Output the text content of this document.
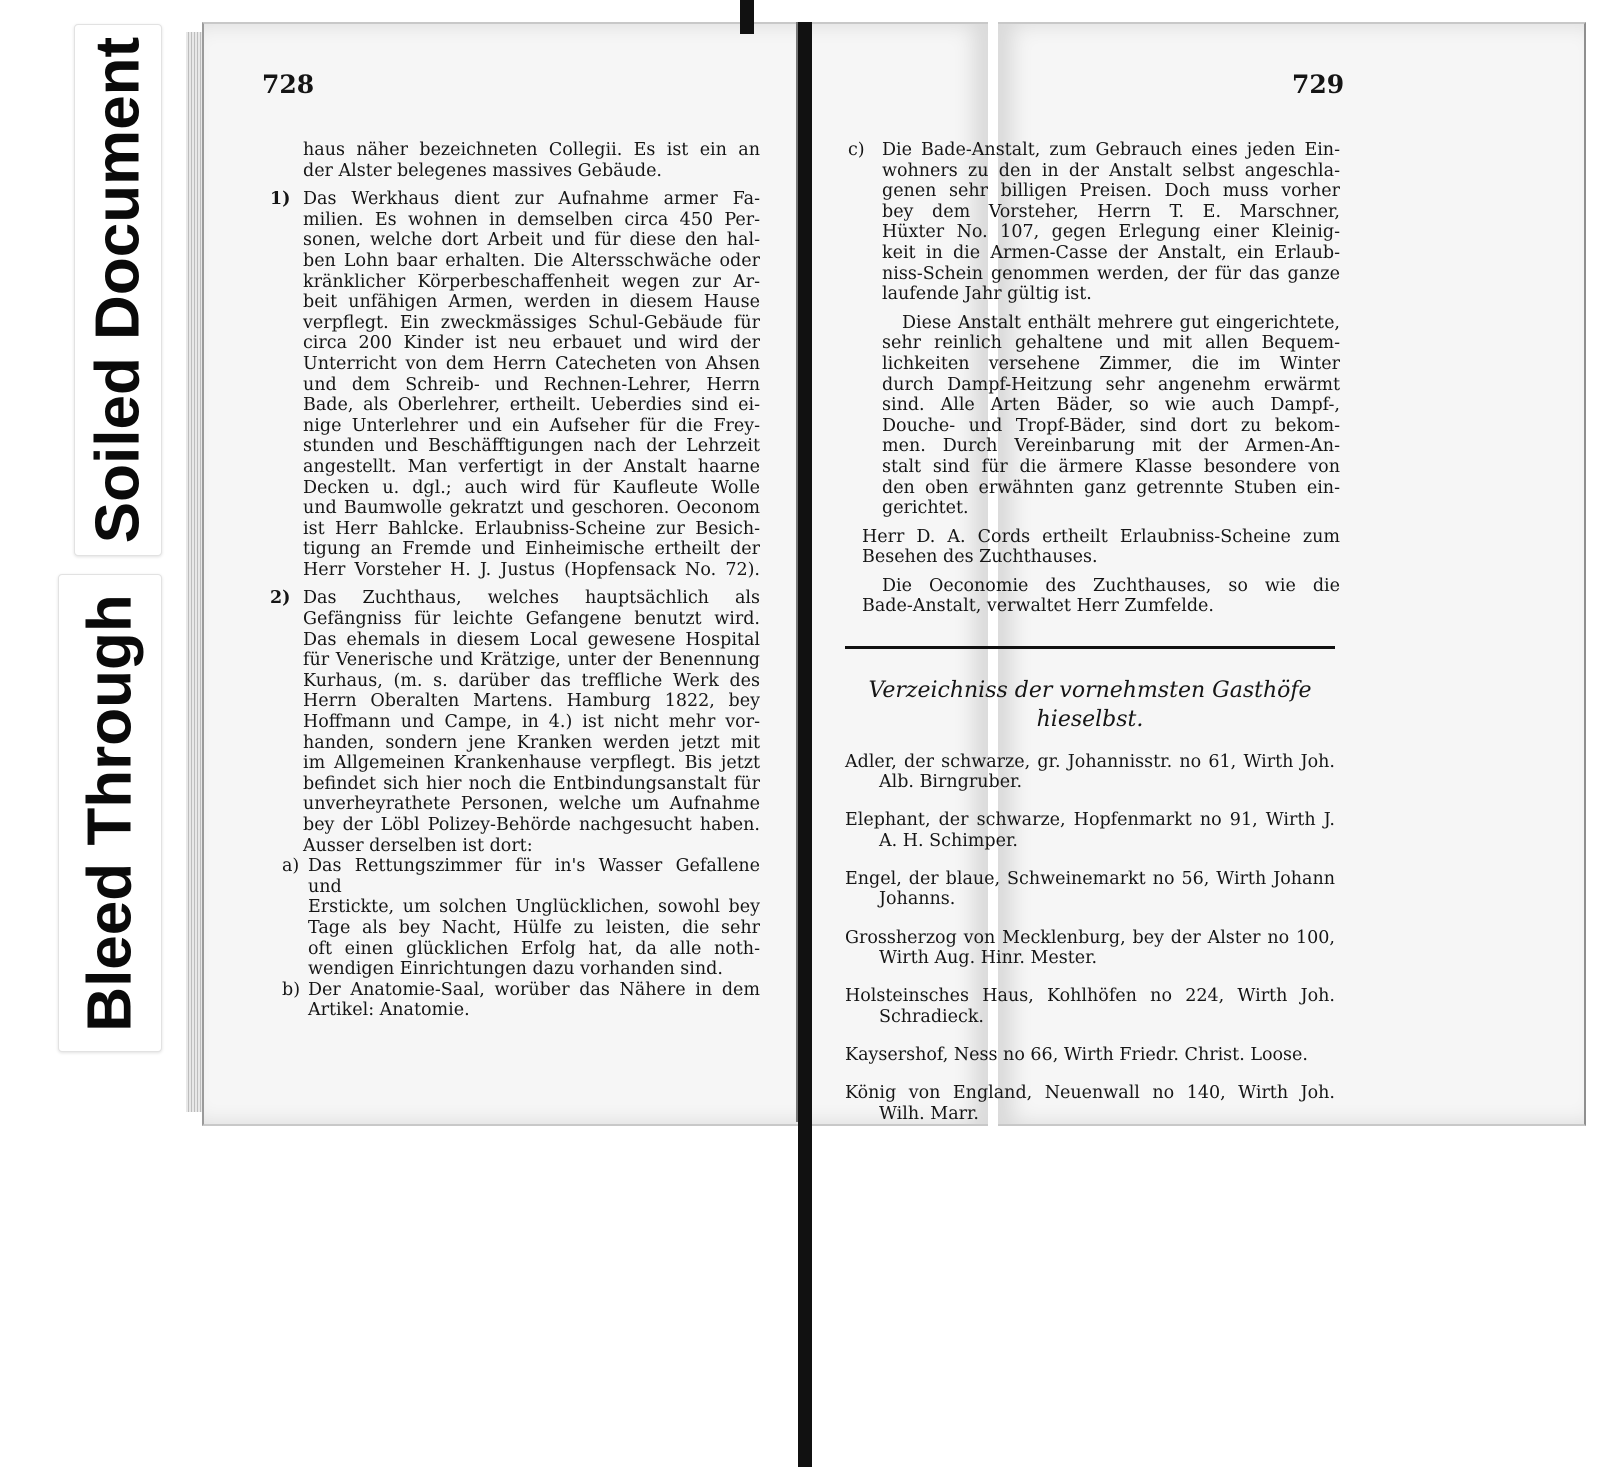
Soiled Document
Bleed Through
728	729

haus näher bezeichneten Collegii. Es ist ein an

der Alster belegenes massives Gebäude.

1) Das Werkhaus dient zur Aufnahme armer Fa-

milien. Es wohnen in demselben circa 450 Per-

sonen, welche dort Arbeit und für diese den hal-

ben Lohn baar erhalten. Die Altersschwäche oder

kränklicher Körperbeschaffenheit wegen zur Ar-

beit unfähigen Armen, werden in diesem Hause

verpflegt. Ein zweckmässiges Schul-Gebäude für

circa 200 Kinder ist neu erbauet und wird der

Unterricht von dem Herrn Catecheten von Ahsen

und dem Schreib- und Rechnen-Lehrer, Herrn

Bade, als Oberlehrer, ertheilt. Ueberdies sind ei-

nige Unterlehrer und ein Aufseher für die Frey-

stunden und Beschäfftigungen nach der Lehrzeit

angestellt. Man verfertigt in der Anstalt haarne

Decken u. dgl.; auch wird für Kaufleute Wolle

und Baumwolle gekratzt und geschoren. Oeconom

ist Herr Bahlcke. Erlaubniss-Scheine zur Besich-

tigung an Fremde und Einheimische ertheilt der

Herr Vorsteher H. J. Justus (Hopfensack No. 72).

2) Das Zuchthaus, welches hauptsächlich als

Gefängniss für leichte Gefangene benutzt wird.

Das ehemals in diesem Local gewesene Hospital

für Venerische und Krätzige, unter der Benennung

Kurhaus, (m. s. darüber das treffliche Werk des

Herrn Oberalten Martens. Hamburg 1822, bey

Hoffmann und Campe, in 4.) ist nicht mehr vor-

handen, sondern jene Kranken werden jetzt mit

im Allgemeinen Krankenhause verpflegt. Bis jetzt

befindet sich hier noch die Entbindungsanstalt für

unverheyrathete Personen, welche um Aufnahme

bey der Löbl Polizey-Behörde nachgesucht haben.

Ausser derselben ist dort:

a) Das Rettungszimmer für in's Wasser Gefallene und

Erstickte, um solchen Unglücklichen, sowohl bey

Tage als bey Nacht, Hülfe zu leisten, die sehr

oft einen glücklichen Erfolg hat, da alle noth-

wendigen Einrichtungen dazu vorhanden sind.

b) Der Anatomie-Saal, worüber das Nähere in dem

Artikel: Anatomie.

c) Die Bade-Anstalt, zum Gebrauch eines jeden Ein-

wohners zu den in der Anstalt selbst angeschla-

genen sehr billigen Preisen. Doch muss vorher

bey dem Vorsteher, Herrn T. E. Marschner,

Hüxter No. 107, gegen Erlegung einer Kleinig-

keit in die Armen-Casse der Anstalt, ein Erlaub-

niss-Schein genommen werden, der für das ganze

laufende Jahr gültig ist.

Diese Anstalt enthält mehrere gut eingerichtete,

sehr reinlich gehaltene und mit allen Bequem-

lichkeiten versehene Zimmer, die im Winter

durch Dampf-Heitzung sehr angenehm erwärmt

sind. Alle Arten Bäder, so wie auch Dampf-,

Douche- und Tropf-Bäder, sind dort zu bekom-

men. Durch Vereinbarung mit der Armen-An-

stalt sind für die ärmere Klasse besondere von

den oben erwähnten ganz getrennte Stuben ein-

gerichtet.

Herr D. A. Cords ertheilt Erlaubniss-Scheine zum

Besehen des Zuchthauses.

Die Oeconomie des Zuchthauses, so wie die

Bade-Anstalt, verwaltet Herr Zumfelde.

Verzeichniss der vornehmsten Gasthöfe
hieselbst.

Adler, der schwarze, gr. Johannisstr. no 61, Wirth Joh. Alb. Birngruber.

Elephant, der schwarze, Hopfenmarkt no 91, Wirth J. A. H. Schimper.

Engel, der blaue, Schweinemarkt no 56, Wirth Johann Johanns.

Grossherzog von Mecklenburg, bey der Alster no 100, Wirth Aug. Hinr. Mester.

Holsteinsches Haus, Kohlhöfen no 224, Wirth Joh. Schradieck.

Kaysershof, Ness no 66, Wirth Friedr. Christ. Loose.

König von England, Neuenwall no 140, Wirth Joh. Wilh. Marr.
